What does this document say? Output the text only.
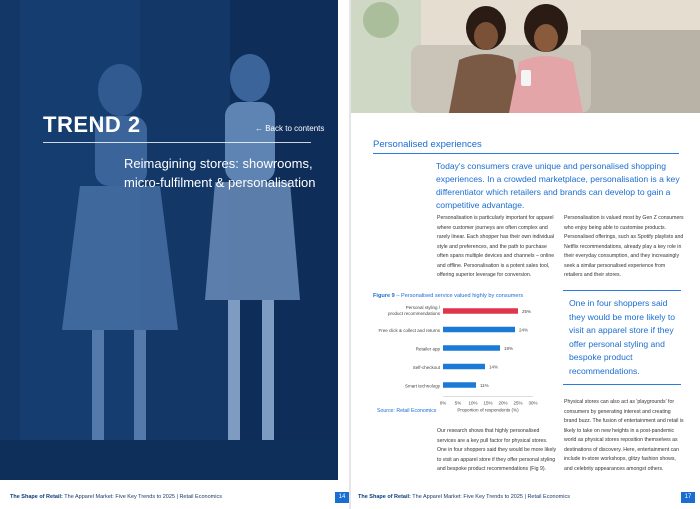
TREND 2	← Back to contents
Reimagining stores: showrooms, micro-fulfilment & personalisation
The Shape of Retail: The Apparel Market: Five Key Trends to 2025 | Retail Economics	14
Personalised experiences
Today's consumers crave unique and personalised shopping experiences. In a crowded marketplace, personalisation is a key differentiator which retailers and brands can develop to gain a competitive advantage.
Personalisation is particularly important for apparel where customer journeys are often complex and rarely linear. Each shopper has their own individual style and preferences, and the path to purchase often spans multiple devices and channels – online and offline. Personalisation is a potent sales tool, offering superior leverage for conversion.
Personalisation is valued most by Gen Z consumers who enjoy being able to customise products. Personalised offerings, such as Spotify playlists and Netflix recommendations, already play a key role in their everyday consumption, and they increasingly seek a similar personalised experience from retailers and their stores.
Figure 9 – Personalised service valued highly by consumers
Personal styling /
product recommendations	25%
Free click & collect and returns	24%
Retailer app	19%
Self-checkout	14%
Smart technology	11%
0% 5% 10% 15% 20% 25% 30%
Proportion of respondents (%)
Source: Retail Economics
Our research shows that highly personalised services are a key pull factor for physical stores. One in four shoppers said they would be more likely to visit an apparel store if they offer personal styling and bespoke product recommendations (Fig 9).
One in four shoppers said they would be more likely to visit an apparel store if they offer personal styling and bespoke product recommendations.
Physical stores can also act as 'playgrounds' for consumers by generating interest and creating brand buzz. The fusion of entertainment and retail is likely to take on new heights in a post-pandemic world as physical stores reposition themselves as destinations of discovery. Here, entertainment can include in-store workshops, glitzy fashion shows, and celebrity appearances amongst others.
The Shape of Retail: The Apparel Market: Five Key Trends to 2025 | Retail Economics	17
